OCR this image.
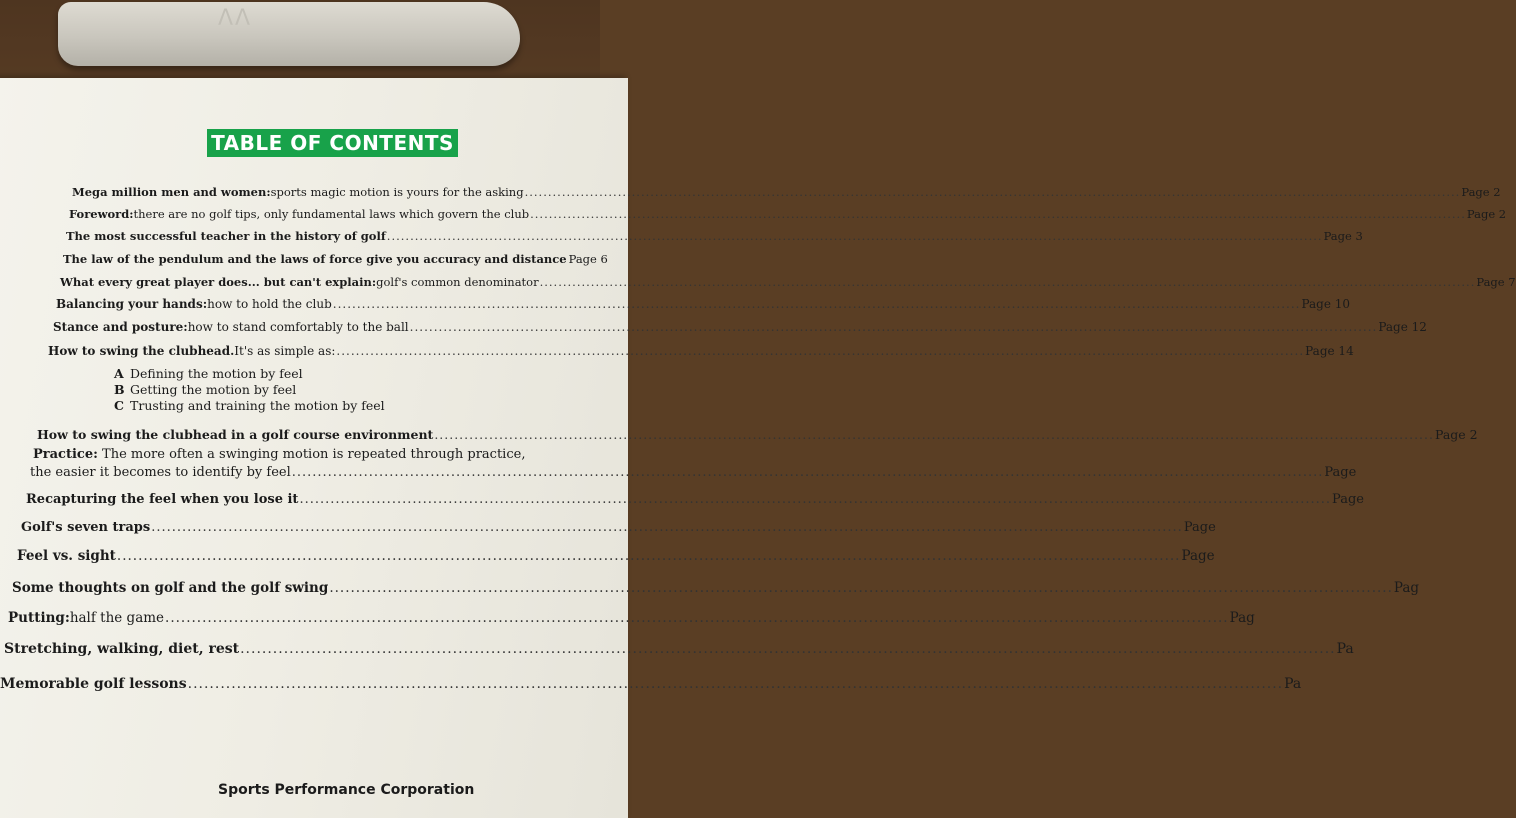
ΛΛ
TABLE OF CONTENTS
Mega million men and women: sports magic motion is yours for the asking .....	Page 2
Foreword: there are no golf tips, only fundamental laws which govern the club .....	Page 2
The most successful teacher in the history of golf .....	Page 3
The law of the pendulum and the laws of force give you accuracy and distance Page 6
What every great player does... but can't explain: golf's common denominator .....	Page 7
Balancing your hands: how to hold the club .....	Page 10
Stance and posture: how to stand comfortably to the ball .....	Page 12
How to swing the clubhead. It's as simple as: .....	Page 14
A Defining the motion by feel
B Getting the motion by feel
C Trusting and training the motion by feel
How to swing the clubhead in a golf course environment .....	Page 2
Practice: The more often a swinging motion is repeated through practice,
the easier it becomes to identify by feel .....	Page
Recapturing the feel when you lose it .....	Page
Golf's seven traps .....	Page
Feel vs. sight .....	Page
Some thoughts on golf and the golf swing .....	Pag
Putting: half the game .....	Pag
Stretching, walking, diet, rest .....	Pa
Memorable golf lessons .....	Pa
Sports Performance Corporation
